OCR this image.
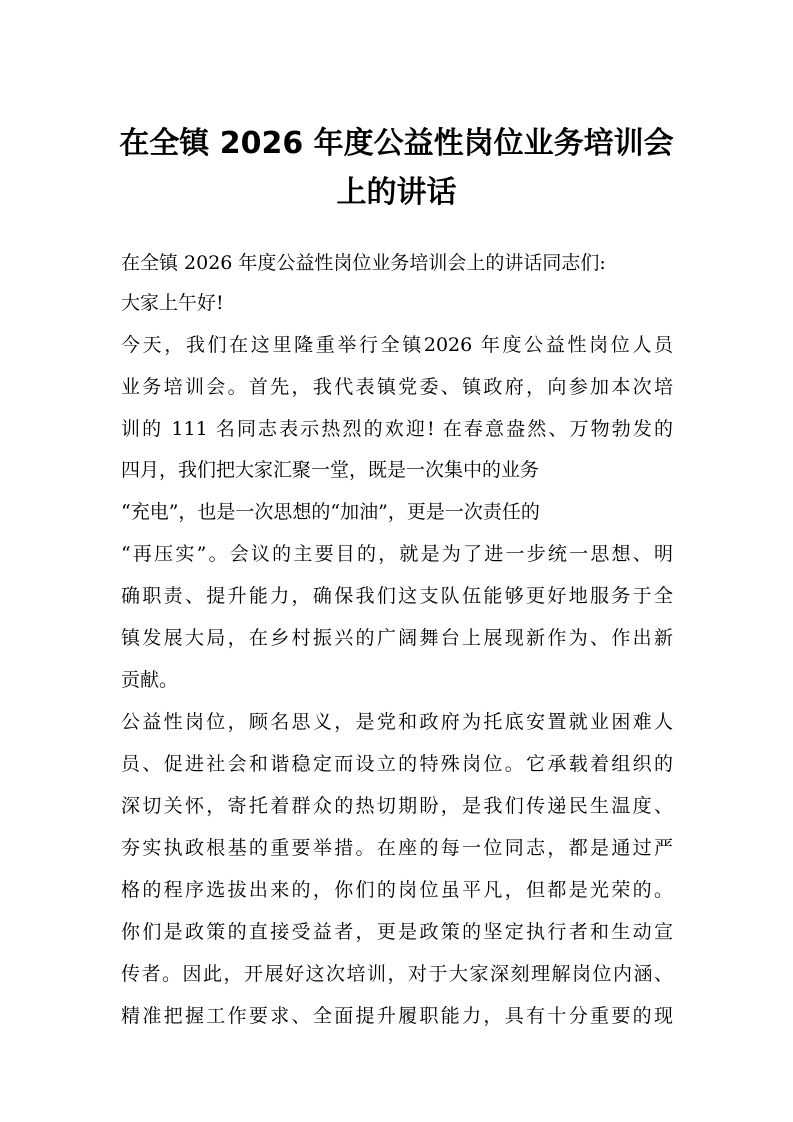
在全镇 2026 年度公益性岗位业务培训会
上的讲话
在全镇 2026 年度公益性岗位业务培训会上的讲话同志们:
大家上午好!
今天，我们在这里隆重举行全镇2026 年度公益性岗位人员
业务培训会。首先，我代表镇党委、镇政府，向参加本次培
训的 111 名同志表示热烈的欢迎! 在春意盎然、万物勃发的
四月，我们把大家汇聚一堂，既是一次集中的业务
“充电”，也是一次思想的“加油”，更是一次责任的
“再压实”。会议的主要目的，就是为了进一步统一思想、明
确职责、提升能力，确保我们这支队伍能够更好地服务于全
镇发展大局，在乡村振兴的广阔舞台上展现新作为、作出新
贡献。
公益性岗位，顾名思义，是党和政府为托底安置就业困难人
员、促进社会和谐稳定而设立的特殊岗位。它承载着组织的
深切关怀，寄托着群众的热切期盼，是我们传递民生温度、
夯实执政根基的重要举措。在座的每一位同志，都是通过严
格的程序选拔出来的，你们的岗位虽平凡，但都是光荣的。
你们是政策的直接受益者，更是政策的坚定执行者和生动宣
传者。因此，开展好这次培训，对于大家深刻理解岗位内涵、
精准把握工作要求、全面提升履职能力，具有十分重要的现
